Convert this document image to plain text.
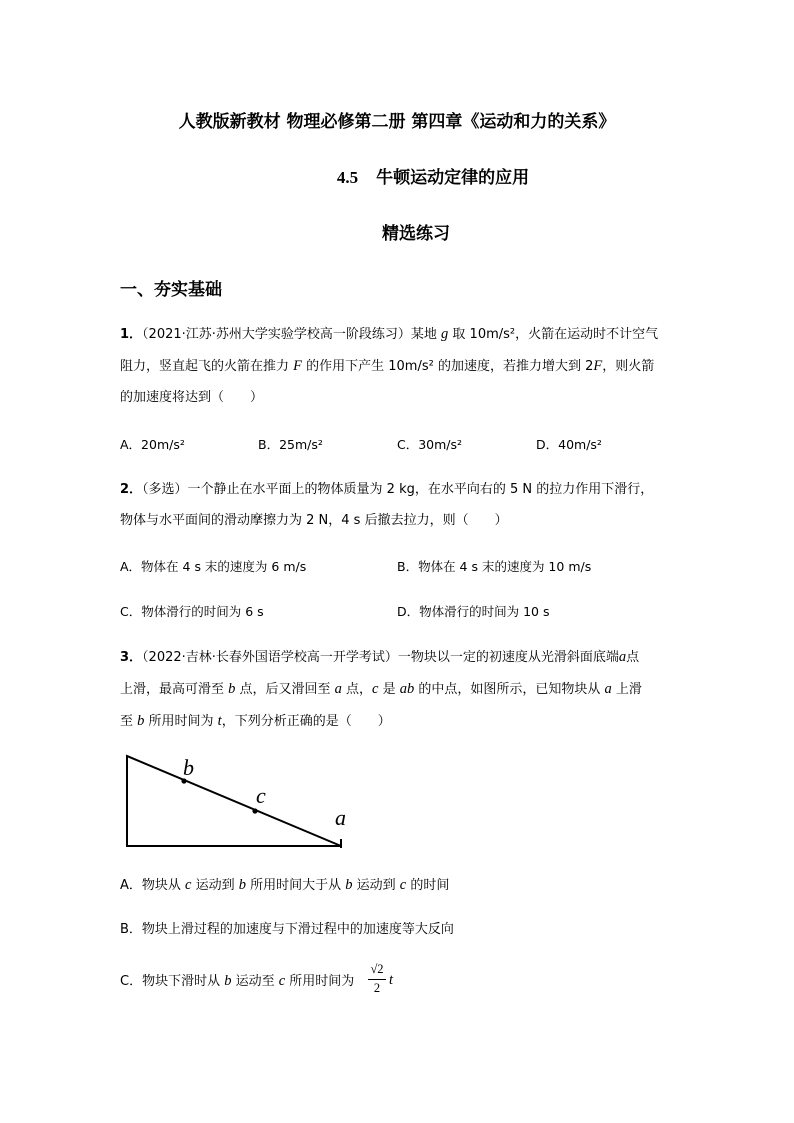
人教版新教材 物理必修第二册 第四章《运动和力的关系》
4.5 牛顿运动定律的应用
精选练习
一、夯实基础
1．（2021·江苏·苏州大学实验学校高一阶段练习）某地 g 取 10m/s²，火箭在运动时不计空气
阻力，竖直起飞的火箭在推力 F 的作用下产生 10m/s² 的加速度，若推力增大到 2F，则火箭
的加速度将达到（　　）
A．20m/s²	B．25m/s²	C．30m/s²	D．40m/s²
2．（多选）一个静止在水平面上的物体质量为 2 kg，在水平向右的 5 N 的拉力作用下滑行，
物体与水平面间的滑动摩擦力为 2 N，4 s 后撤去拉力，则（　　）
A．物体在 4 s 末的速度为 6 m/s	B．物体在 4 s 末的速度为 10 m/s
C．物体滑行的时间为 6 s	D．物体滑行的时间为 10 s
3．（2022·吉林·长春外国语学校高一开学考试）一物块以一定的初速度从光滑斜面底端a点
上滑，最高可滑至 b 点，后又滑回至 a 点，c 是 ab 的中点，如图所示，已知物块从 a 上滑
至 b 所用时间为 t，下列分析正确的是（　　）
b
c
a
A．物块从 c 运动到 b 所用时间大于从 b 运动到 c 的时间
B．物块上滑过程的加速度与下滑过程中的加速度等大反向
C．物块下滑时从 b 运动至 c 所用时间为
√2
2 t
